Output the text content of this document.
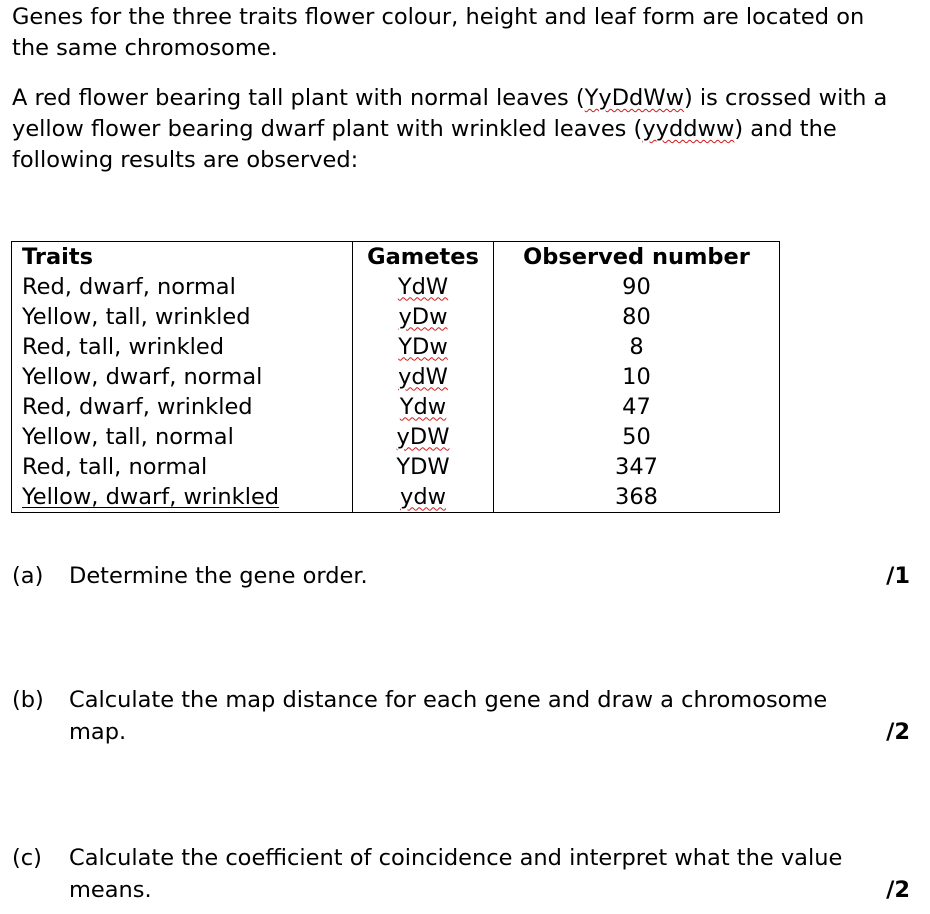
Genes for the three traits flower colour, height and leaf form are located on the same chromosome.

A red flower bearing tall plant with normal leaves (YyDdWw) is crossed with a yellow flower bearing dwarf plant with wrinkled leaves (yyddww) and the following results are observed:

Traits	Gametes	Observed number
Red, dwarf, normal	YdW	90
Yellow, tall, wrinkled	yDw	80
Red, tall, wrinkled	YDw	8
Yellow, dwarf, normal	ydW	10
Red, dwarf, wrinkled	Ydw	47
Yellow, tall, normal	yDW	50
Red, tall, normal	YDW	347
Yellow, dwarf, wrinkled	ydw	368
(a) Determine the gene order.	/1
(b) Calculate the map distance for each gene and draw a chromosome map.	/2
(c) Calculate the coefficient of coincidence and interpret what the value means.	/2
